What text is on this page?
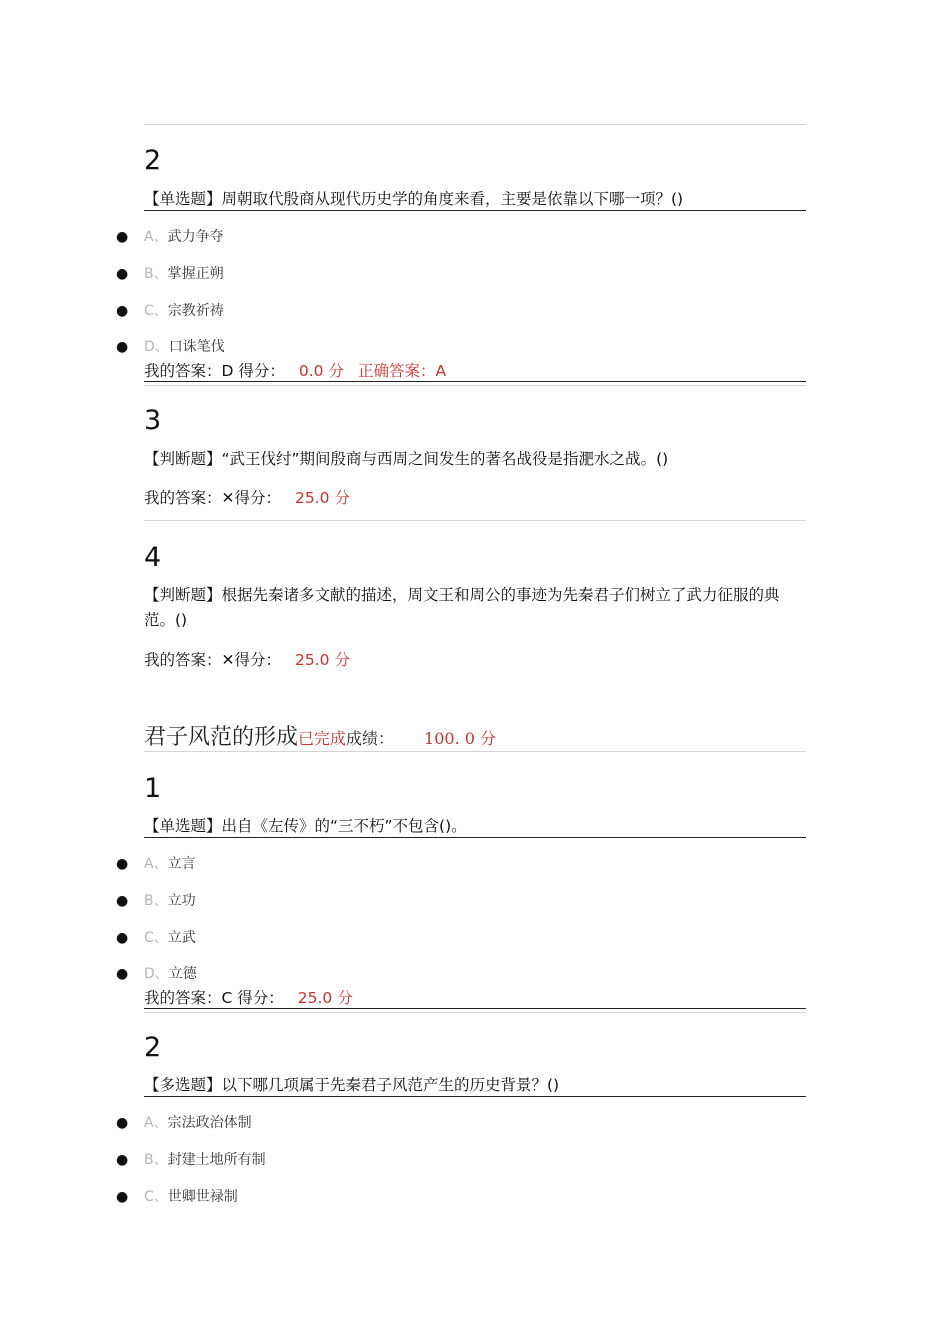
2
【单选题】周朝取代殷商从现代历史学的角度来看，主要是依靠以下哪一项？()
● A、武力争夺
● B、掌握正朔
● C、宗教祈祷
● D、口诛笔伐
我的答案：D 得分： 0.0 分 正确答案：A
3
【判断题】“武王伐纣”期间殷商与西周之间发生的著名战役是指淝水之战。()
我的答案：✕得分： 25.0 分
4
【判断题】根据先秦诸多文献的描述，周文王和周公的事迹为先秦君子们树立了武力征服的典范。()
我的答案：✕得分： 25.0 分
君子风范的形成已完成成绩： 100. 0 分
1
【单选题】出自《左传》的“三不朽”不包含()。
● A、立言
● B、立功
● C、立武
● D、立德
我的答案：C 得分： 25.0 分
2
【多选题】以下哪几项属于先秦君子风范产生的历史背景？()
● A、宗法政治体制
● B、封建土地所有制
● C、世卿世禄制
